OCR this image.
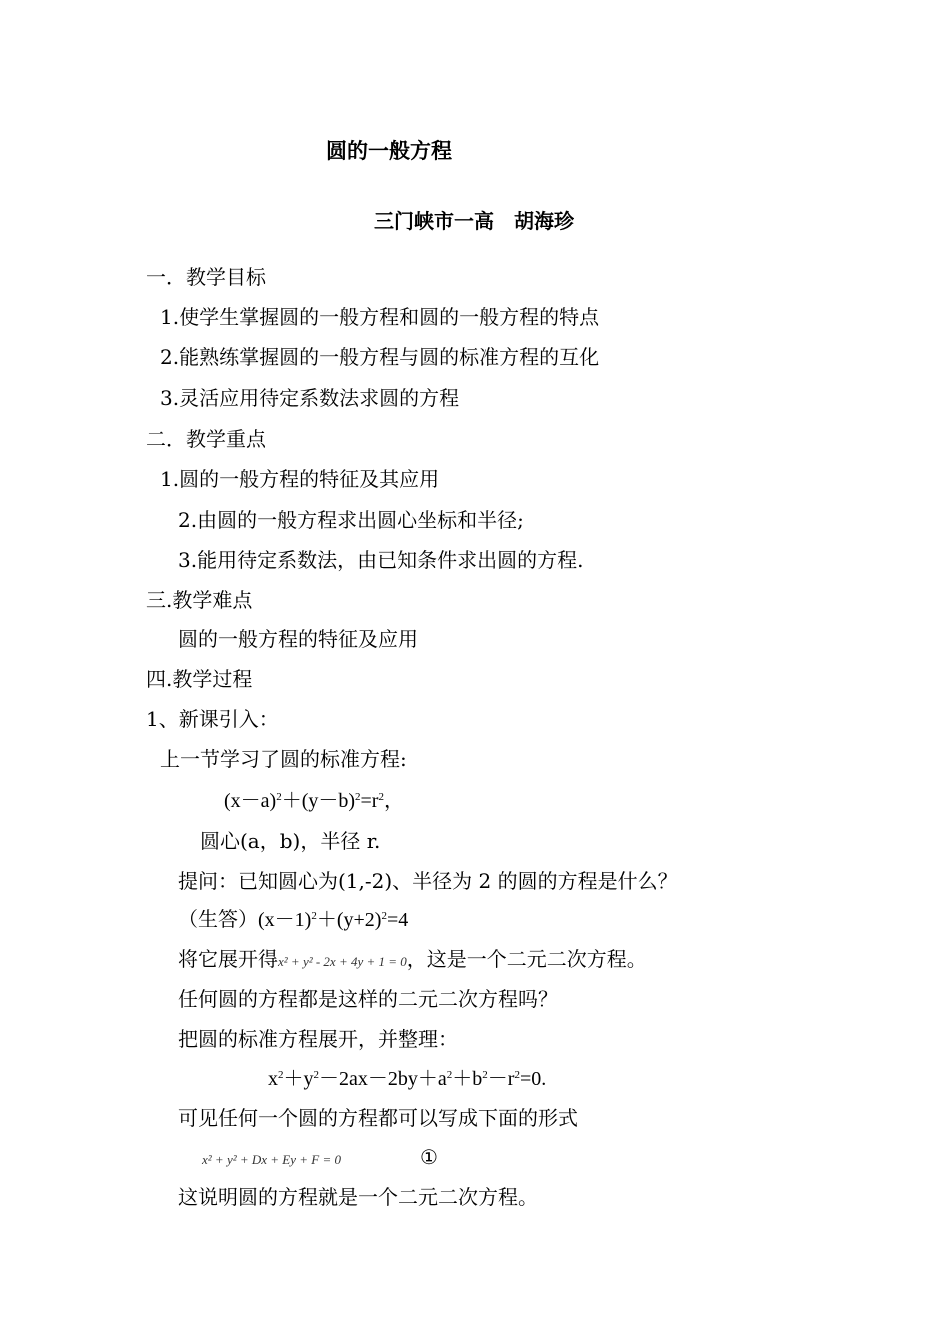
圆的一般方程
三门峡市一高　胡海珍
一．教学目标
1.使学生掌握圆的一般方程和圆的一般方程的特点
2.能熟练掌握圆的一般方程与圆的标准方程的互化
3.灵活应用待定系数法求圆的方程
二．教学重点
1.圆的一般方程的特征及其应用
2.由圆的一般方程求出圆心坐标和半径;
3.能用待定系数法，由已知条件求出圆的方程.
三.教学难点
圆的一般方程的特征及应用
四.教学过程
1、新课引入：
上一节学习了圆的标准方程:
$(x-a)^2+(y-b)^2=r^2$，
圆心(a，b)，半径 r.
提问：已知圆心为(1,-2)、半径为 2 的圆的方程是什么？
（生答）$(x-1)^2+(y+2)^2=4$
将它展开得x² + y² - 2x + 4y + 1 = 0，这是一个二元二次方程。
任何圆的方程都是这样的二元二次方程吗？
把圆的标准方程展开，并整理：
$x^2+y^2-2ax-2by+a^2+b^2-r^2=0$.
可见任何一个圆的方程都可以写成下面的形式
x² + y² + Dx + Ey + F = 0	①
这说明圆的方程就是一个二元二次方程。
